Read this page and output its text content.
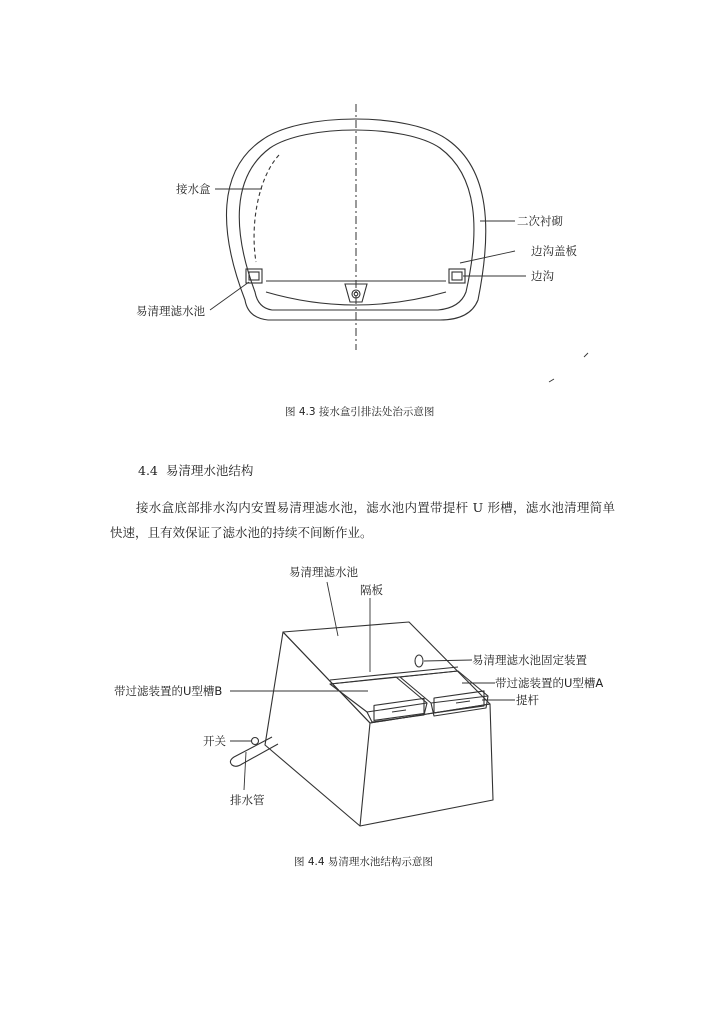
接水盒
二次衬砌
边沟盖板
边沟
易清理滤水池
图 4.3 接水盒引排法处治示意图
4.4 易清理水池结构
接水盒底部排水沟内安置易清理滤水池，滤水池内置带提杆 U 形槽，滤水池清理简单快速，且有效保证了滤水池的持续不间断作业。
易清理滤水池
隔板
易清理滤水池固定装置
带过滤装置的U型槽A
带过滤装置的U型槽B
提杆
开关
排水管
图 4.4 易清理水池结构示意图
